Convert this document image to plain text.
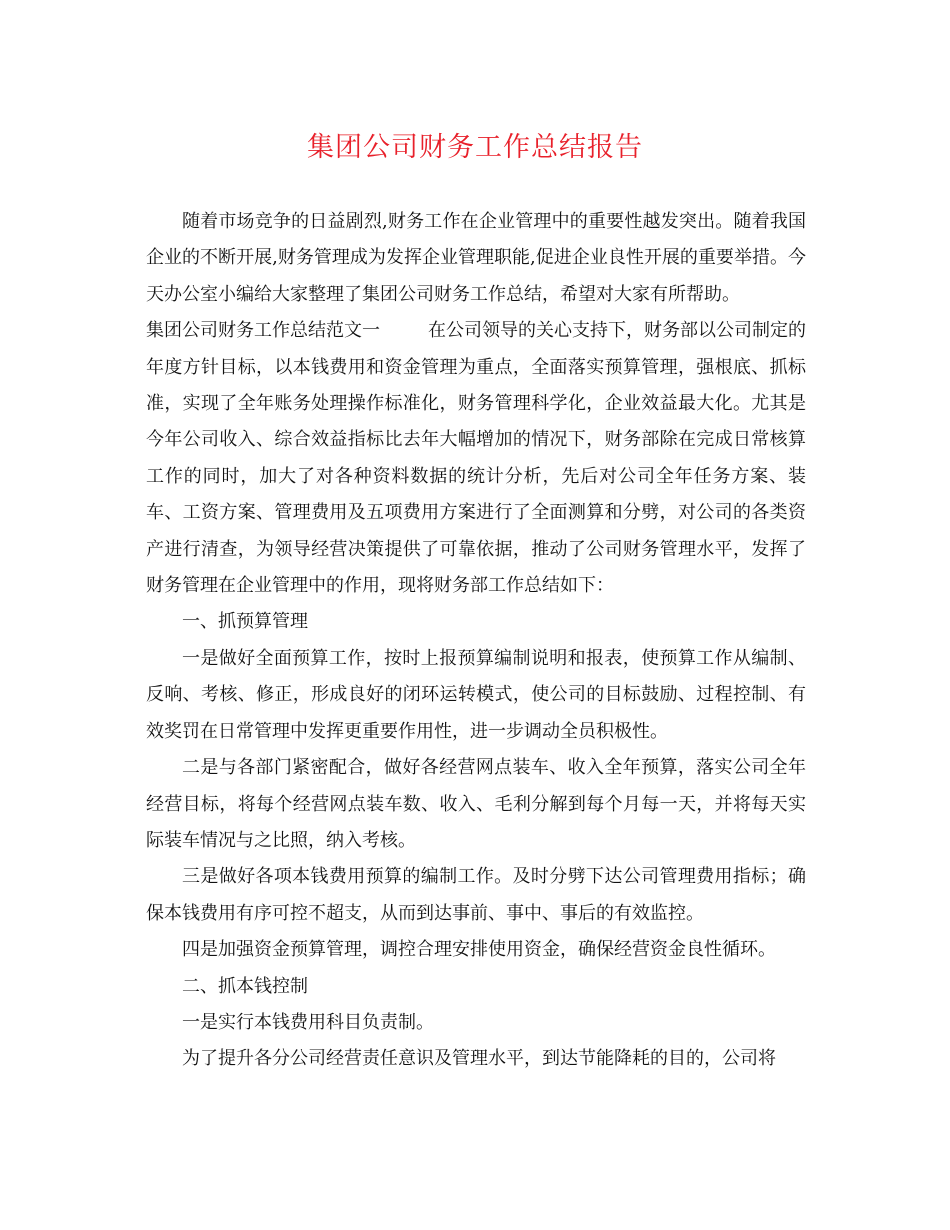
集团公司财务工作总结报告

随着市场竞争的日益剧烈,财务工作在企业管理中的重要性越发突出。随着我国企业的不断开展,财务管理成为发挥企业管理职能,促进企业良性开展的重要举措。今天办公室小编给大家整理了集团公司财务工作总结，希望对大家有所帮助。

集团公司财务工作总结范文一	在公司领导的关心支持下，财务部以公司制定的年度方针目标，以本钱费用和资金管理为重点，全面落实预算管理，强根底、抓标准，实现了全年账务处理操作标准化，财务管理科学化，企业效益最大化。尤其是今年公司收入、综合效益指标比去年大幅增加的情况下，财务部除在完成日常核算工作的同时，加大了对各种资料数据的统计分析，先后对公司全年任务方案、装车、工资方案、管理费用及五项费用方案进行了全面测算和分劈，对公司的各类资产进行清查，为领导经营决策提供了可靠依据，推动了公司财务管理水平，发挥了财务管理在企业管理中的作用，现将财务部工作总结如下：

一、抓预算管理

一是做好全面预算工作，按时上报预算编制说明和报表，使预算工作从编制、反响、考核、修正，形成良好的闭环运转模式，使公司的目标鼓励、过程控制、有效奖罚在日常管理中发挥更重要作用性，进一步调动全员积极性。

二是与各部门紧密配合，做好各经营网点装车、收入全年预算，落实公司全年经营目标，将每个经营网点装车数、收入、毛利分解到每个月每一天，并将每天实际装车情况与之比照，纳入考核。

三是做好各项本钱费用预算的编制工作。及时分劈下达公司管理费用指标；确保本钱费用有序可控不超支，从而到达事前、事中、事后的有效监控。

四是加强资金预算管理，调控合理安排使用资金，确保经营资金良性循环。

二、抓本钱控制

一是实行本钱费用科目负责制。

为了提升各分公司经营责任意识及管理水平，到达节能降耗的目的，公司将
